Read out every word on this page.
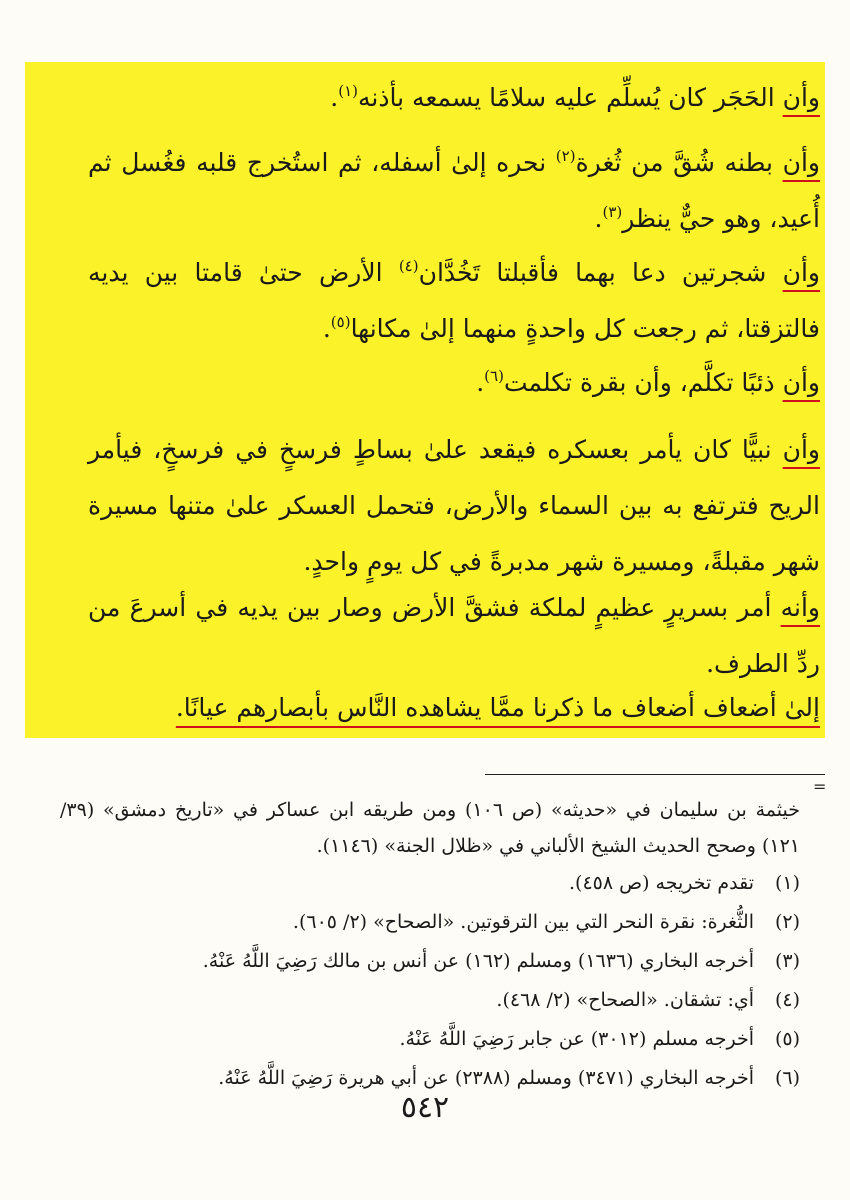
وأن الحَجَر كان يُسلِّم عليه سلامًا يسمعه بأذنه$^{(١)}$.

وأن بطنه شُقَّ من ثُغرة$^{(٢)}$ نحره إلىٰ أسفله، ثم استُخرج قلبه فغُسل ثم أُعيد، وهو حيٌّ ينظر$^{(٣)}$.

وأن شجرتين دعا بهما فأقبلتا تَخُدَّان$^{(٤)}$ الأرض حتىٰ قامتا بين يديه فالتزقتا، ثم رجعت كل واحدةٍ منهما إلىٰ مكانها$^{(٥)}$.

وأن ذئبًا تكلَّم، وأن بقرة تكلمت$^{(٦)}$.

وأن نبيًّا كان يأمر بعسكره فيقعد علىٰ بساطٍ فرسخٍ في فرسخٍ، فيأمر الريح فترتفع به بين السماء والأرض، فتحمل العسكر علىٰ متنها مسيرة شهر مقبلةً، ومسيرة شهر مدبرةً في كل يومٍ واحدٍ.

وأنه أمر بسريرٍ عظيمٍ لملكة فشقَّ الأرض وصار بين يديه في أسرعَ من ردِّ الطرف.

إلىٰ أضعاف أضعاف ما ذكرنا ممَّا يشاهده النَّاس بأبصارهم عيانًا.

=

خيثمة بن سليمان في «حديثه» (ص ١٠٦) ومن طريقه ابن عساكر في «تاريخ دمشق» (٣٩/ ١٢١) وصحح الحديث الشيخ الألباني في «ظلال الجنة» (١١٤٦).

(١)
تقدم تخريجه (ص ٤٥٨).
(٢)
الثُّغرة: نقرة النحر التي بين الترقوتين. «الصحاح» (٢/ ٦٠٥).
(٣)
أخرجه البخاري (١٦٣٦) ومسلم (١٦٢) عن أنس بن مالك رَضِيَ اللَّهُ عَنْهُ.
(٤)
أي: تشقان. «الصحاح» (٢/ ٤٦٨).
(٥)
أخرجه مسلم (٣٠١٢) عن جابر رَضِيَ اللَّهُ عَنْهُ.
(٦)
أخرجه البخاري (٣٤٧١) ومسلم (٢٣٨٨) عن أبي هريرة رَضِيَ اللَّهُ عَنْهُ.
٥٤٢
